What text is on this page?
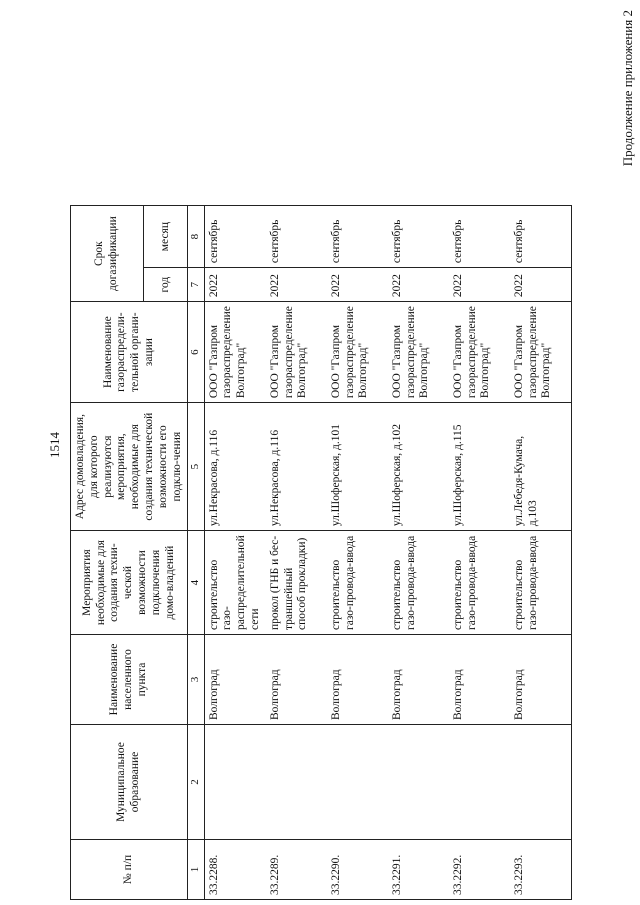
1514
Продолжение приложения 2
№ п/п	Муниципальное образование	Наименование населенного пункта	Мероприятия необходимые для создания техни-ческой возможности подключения домо-владений	Адрес домовладения, для которого реализуются мероприятия, необходимые для создания технической возможности его подклю-чения	Наименование газораспредели-тельной органи-зации	Срок догазификации	
						год	месяц
1	2	3	4	5	6	7	8
33.2288.		Волгоград	строительство газо-распределительной сети	ул.Некрасова, д.116	ООО "Газпром газораспределение Волгоград"	2022	сентябрь
33.2289.		Волгоград	прокол (ГНБ и бес-траншейный способ прокладки)	ул.Некрасова, д.116	ООО "Газпром газораспределение Волгоград"	2022	сентябрь
33.2290.		Волгоград	строительство газо-провода-ввода	ул.Шоферская, д.101	ООО "Газпром газораспределение Волгоград"	2022	сентябрь
33.2291.		Волгоград	строительство газо-провода-ввода	ул.Шоферская, д.102	ООО "Газпром газораспределение Волгоград"	2022	сентябрь
33.2292.		Волгоград	строительство газо-провода-ввода	ул.Шоферская, д.115	ООО "Газпром газораспределение Волгоград"	2022	сентябрь
33.2293.		Волгоград	строительство газо-провода-ввода	ул.Лебедя-Кумача, д.103	ООО "Газпром газораспределение Волгоград"	2022	сентябрь
